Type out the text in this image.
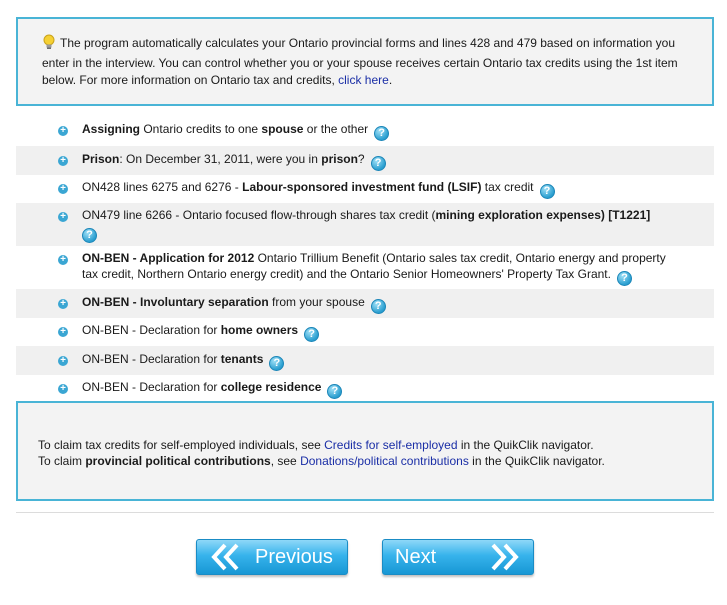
The program automatically calculates your Ontario provincial forms and lines 428 and 479 based on information you enter in the interview. You can control whether you or your spouse receives certain Ontario tax credits using the 1st item below. For more information on Ontario tax and credits, click here.
+ Assigning Ontario credits to one spouse or the other ?
+ Prison: On December 31, 2011, were you in prison? ?
+ ON428 lines 6275 and 6276 - Labour-sponsored investment fund (LSIF) tax credit ?
+ ON479 line 6266 - Ontario focused flow-through shares tax credit (mining exploration expenses) [T1221]
?
+ ON-BEN - Application for 2012 Ontario Trillium Benefit (Ontario sales tax credit, Ontario energy and property tax credit, Northern Ontario energy credit) and the Ontario Senior Homeowners' Property Tax Grant. ?
+ ON-BEN - Involuntary separation from your spouse ?
+ ON-BEN - Declaration for home owners ?
+ ON-BEN - Declaration for tenants ?
+ ON-BEN - Declaration for college residence ?
To claim tax credits for self-employed individuals, see Credits for self-employed in the QuikClik navigator.
To claim provincial political contributions, see Donations/political contributions in the QuikClik navigator.
Previous	Next
